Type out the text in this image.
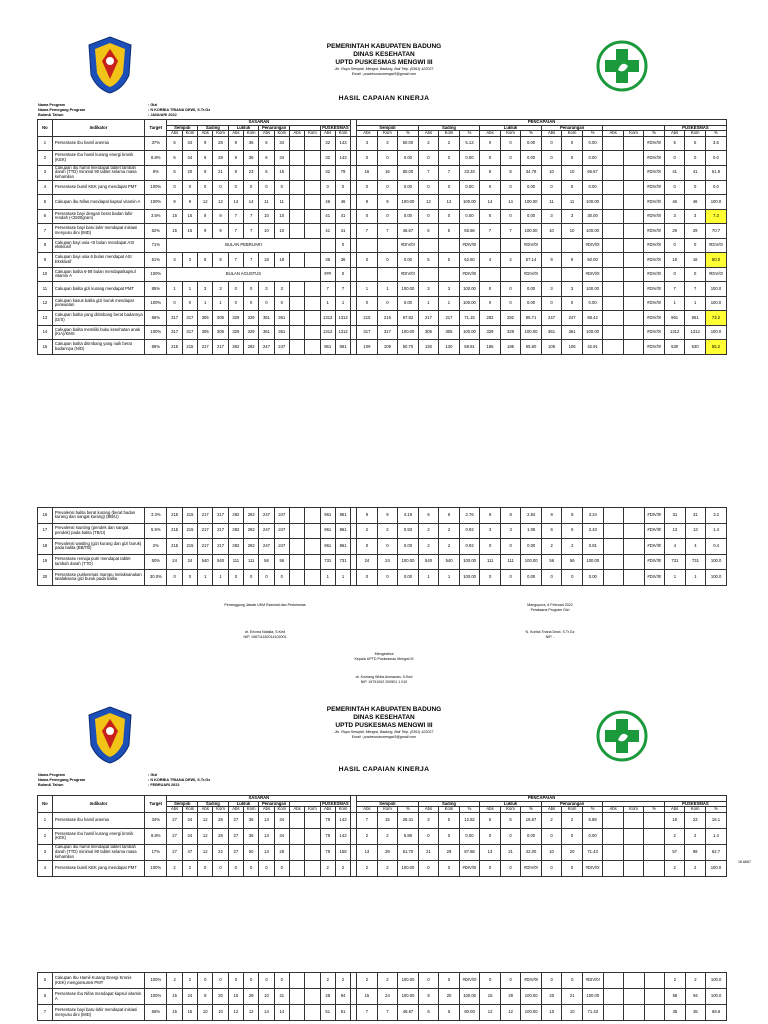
PEMERINTAH KABUPATEN BADUNG
DINAS KESEHATAN
UPTD PUSKESMAS MENGWI III
Jln. Raya Sempidi, Mengwi, Badung, Bali Telp. (0361) 422027
Email : puskesmasmengwi3@gmail.com
HASIL CAPAIAN KINERJA
Nama Program	: Gizi
Nama Pemegang Program	: N KORBIA TRIANA DEWI, S.Tr.Gz
Bulan& Tahun	: JANUARI 2022
No	Indikator	Target	SASARAN													PENCAPAIAN																	
			Sempidi		Sading		Lukluk		Penarungan				PUSKESMAS			Sempidi			Sading			Lukluk			Penarungan						PUSKESMAS		
			Abs	Kom	Abs	Kom	Abs	Kom	Abs	Kom	Abs	Kom	Abs	Kom		Abs	Kom	%	Abs	Kom	%	Abs	Kom	%	Abs	Kom	%	Abs	Kom	%	Abs	Kom	%
1	Persentase ibu hamil anemia	37%	6	34	9	28	9	36	6	34			32	143		3	3	50.00	2	2	5.13	0	0	0.00	0	0	0.00			#DIV/0!	5	5	3.5
2	Persentase Ibu hamil kurang energi kronik (KEK)	8.8%	6	34	9	28	9	36	6	34			32	143		0	0	0.00	0	0	0.00	0	0	0.00	0	0	0.00			#DIV/0!	0	0	0.0
3	Cakupan ibu hamil mendapat tablet tambah darah (TTD) minimal 90 tablet selama masa kehamilan	8%	6	20	9	21	9	23	6	15			32	79		16	16	80.00	7	7	33.33	8	8	34.78	10	10	66.67			#DIV/0!	41	41	51.9
4	Persentase bumil KEK yang mendapat PMT	100%	0	0	0	0	0	0	0	0			0	0		0	0	0.00	0	0	0.00	0	0	0.00	0	0	0.00			#DIV/0!	0	0	0.0
5	Cakupan ibu Nifas mendapat kapsul vitamin A	100%	9	9	12	12	14	14	11	11			46	46		9	9	100.00	12	12	100.00	14	14	100.00	11	11	100.00			#DIV/0!	46	46	100.0
6	Persentase bayi dengan berat badan lahir rendah (<2500gram)	3.5%	15	15	9	9	7	7	10	10			41	41		0	0	0.00	0	0	0.00	0	0	0.00	3	3	30.00			#DIV/0!	3	3	7.3
7	Persentase bayi baru lahir mendapat inisiasi menyusu dini (IMD)	62%	15	15	9	9	7	7	10	10			41	41		7	7	46.67	5	5	55.56	7	7	100.00	10	10	100.00			#DIV/0!	29	29	70.7
8	Cakupan bayi usia <6 bulan mendapat ASI eksklusif	71%	BULAN PEBRUARI											0				#DIV/0!			#DIV/0!			#DIV/0!			#DIV/0!			#DIV/0!	0	0	#DIV/0!
9	Cakupan bayi usia 6 bulan mendapat ASI Eksklusif	51%	3	3	8	8	7	7	18	18			36	36		0	0	0.00	5	5	62.50	4	4	57.14	9	9	50.00			#DIV/0!	18	18	50.0
10	Cakupan balita 6-59 bulan mendapatkapsul vitamin A	100%	BULAN AGUSTUS										###	0				#DIV/0!			#DIV/0!			#DIV/0!			#DIV/0!			#DIV/0!	0	0	#DIV/0!
11	Cakupan balita gizi kurang mendapat PMT	85%	1	1	3	3	0	0	3	3			7	7		1	1	100.00	3	3	100.00	0	0	0.00	3	3	100.00			#DIV/0!	7	7	100.0
12	Cakupan kasus balita gizi buruk mendapat perawatan	100%	0	0	1	1	0	0	0	0			1	1		0	0	0.00	1	1	100.00	0	0	0.00	0	0	0.00			#DIV/0!	1	1	100.0
13	Cakupan balita yang ditimbang berat badannya (D/S)	86%	317	317	305	305	329	329	361	361			1312	1312		215	215	67.82	217	217	71.15	282	282	85.71	247	247	68.42			#DIV/0!	961	961	73.2
14	Cakupan balita memiliki buku kesehatan anak (KIA)/KMS	100%	317	317	305	305	329	329	361	361			1312	1312		317	317	100.00	305	305	100.00	329	329	100.00	361	361	100.00			#DIV/0!	1312	1312	100.0
15	Cakupan balita ditimbang yang naik berat badannya (N/D)	86%	215	215	217	217	282	282	247	247			961	961		109	109	50.70	130	130	59.91	185	185	65.60	106	106	42.91			#DIV/0!	530	530	55.2
16	Prevalensi balita berat kurang (berat badan kurang dan sangat kurang) (BB/U)	3.3%	215	215	217	217	282	282	247	247			961	961		9	9	4.19	6	6	2.76	8	8	2.84	8	8	3.24			#DIV/0!	31	31	3.2
17	Prevalensi stunting (pendek dan sangat pendek) pada balita (TB/U)	5.5%	215	215	217	217	282	282	247	247			961	961		2	2	0.93	2	2	0.92	3	3	1.06	6	6	2.43			#DIV/0!	13	13	1.4
18	Prevalensi wasting (gizi kurang dan gizi buruk) pada balita (BB/TB)	2%	215	215	217	217	282	282	247	247			961	961		0	0	0.00	2	2	0.92	0	0	0.00	2	2	0.81			#DIV/0!	4	4	0.4
19	Persentase remaja putri mendapat tablet tambah darah (TTD)	50%	24	24	540	540	111	111	56	56			731	731		24	24	100.00	540	540	100.00	111	111	100.00	56	56	100.00			#DIV/0!	731	731	100.0
20	Persentase puskesmas mampu melaksanakan tatalaksana gizi buruk pada balita	30.0%	0	0	1	1	0	0	0	0			1	1		0	0	0.00	1	1	100.00	0	0	0.00	0	0	0.00			#DIV/0!	1	1	100.0
Penanggung Jawab UKM Esensial dan Perkesmas	Mangupura, 6 Februari 2022
Pelaksana Program Gizi
dr. Ericma Natalia, S.Ked
NIP. 198711182014102001
N. Korbia Triana Dewi, S.Tr.Gz
NIP. -
Mengetahui
Kepala UPTD Puskesmas Mengwi III
dr. Komang Widia Asmawan, S.Ked
NIP. 19791002 200501 1 010
PEMERINTAH KABUPATEN BADUNG
DINAS KESEHATAN
UPTD PUSKESMAS MENGWI III
Jln. Raya Sempidi, Mengwi, Badung, Bali Telp. (0361) 422027
Email : puskesmasmengwi3@gmail.com
HASIL CAPAIAN KINERJA
Nama Program	: Gizi
Nama Pemegang Program	: N KORBIA TRIANA DEWI, S.Tr.Gz
Bulan& Tahun	: FEBRUARI 2022
No	Indikator	Target	SASARAN													PENCAPAIAN																	
			Sempidi		Sading		Lukluk		Penarungan				PUSKESMAS			Sempidi			Sading			Lukluk			Penarungan						PUSKESMAS		
			Abs	Kom	Abs	Kom	Abs	Kom	Abs	Kom	Abs	Kom	Abs	Kom		Abs	Kom	%	Abs	Kom	%	Abs	Kom	%	Abs	Kom	%	Abs	Kom	%	Abs	Kom	%
1	Persentase ibu hamil anemia	34%	27	34	12	28	27	36	13	34			79	143		7	15	28.41	3	5	12.82	6	6	16.67	2	2	5.88				18	23	16.1
2	Persentase Ibu hamil kurang energi kronik (KEK)	8.8%	27	34	12	28	27	36	13	34			79	143		2	2	5.88	0	0	0.00	0	0	0.00	0	0	0.00				2	2	1.4
3	Cakupan ibu hamil mendapat tablet tambah darah (TTD) minimal 90 tablet selama masa kehamilan	17%	27	47	12	22	27	50	13	28			79	158		13	29	61.70	21	29	87.88	13	21	42.00	10	20	71.43				57	99	62.7
4	Persentase bumil KEK yang mendapat PMT	100%	2	2	0	0	0	0	0	0			2	2		2	2	100.00	0	0	#DIV/0!	0	0	#DIV/0!	0	0	#DIV/0!				2	2	100.0
16.6667
5	Cakupan Ibu Hamil Kurang Energi Kronis (KEK) mengonsumsi PMT	100%	2	2	0	0	0	0	0	0			2	2		2	2	100.00	0	0	#DIV/0!	0	0	#DIV/0!	0	0	#DIV/0!				2	2	100.0
6	Persentase Ibu Nifas mendapat kapsul vitamin A	100%	15	24	8	20	15	29	10	21			48	94		15	24	100.00	8	20	100.00	15	29	100.00	20	21	100.00				58	94	100.0
7	Persentase bayi baru lahir mendapat inisiasi menyusu dini (IMD)	66%	15	15	10	10	12	12	14	14			51	51		7	7	46.67	6	6	60.00	12	12	100.00	10	10	71.43				35	35	68.6
